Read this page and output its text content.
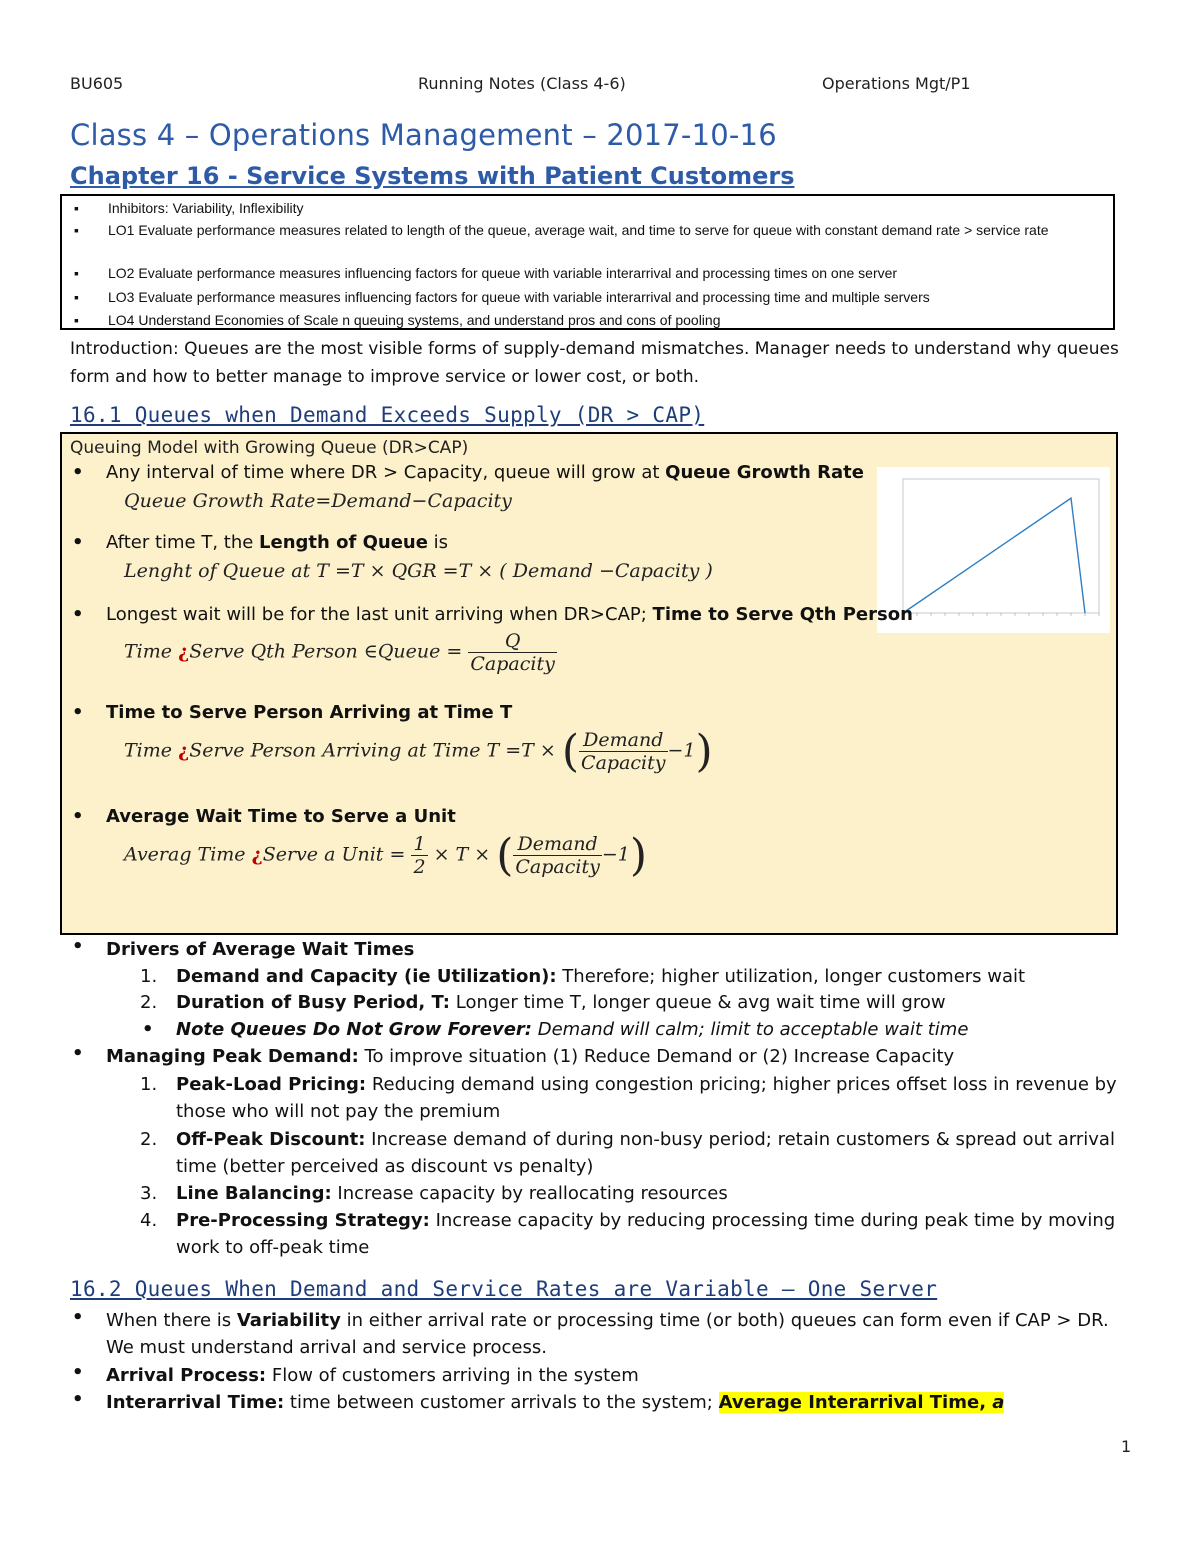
BU605	Running Notes (Class 4-6)	Operations Mgt/P1
Class 4 – Operations Management – 2017-10-16
Chapter 16 - Service Systems with Patient Customers
▪ Inhibitors: Variability, Inflexibility
▪ LO1 Evaluate performance measures related to length of the queue, average wait, and time to serve for queue with constant demand rate > service rate
▪ LO2 Evaluate performance measures influencing factors for queue with variable interarrival and processing times on one server
▪ LO3 Evaluate performance measures influencing factors for queue with variable interarrival and processing time and multiple servers
▪ LO4 Understand Economies of Scale n queuing systems, and understand pros and cons of pooling
Introduction: Queues are the most visible forms of supply-demand mismatches. Manager needs to understand why queues form and how to better manage to improve service or lower cost, or both.
16.1 Queues when Demand Exceeds Supply (DR > CAP)
Queuing Model with Growing Queue (DR>CAP)
• Any interval of time where DR > Capacity, queue will grow at Queue Growth Rate
Queue Growth Rate=Demand−Capacity
• After time T, the Length of Queue is
Lenght of Queue at T =T × QGR =T × ( Demand −Capacity )
• Longest wait will be for the last unit arriving when DR>CAP; Time to Serve Qth Person
Time ¿Serve Qth Person ∈Queue = $\frac{Q}{\text{Capacity}}$
• Time to Serve Person Arriving at Time T
Time ¿Serve Person Arriving at Time T =T × ( $\frac{\text{Demand}}{\text{Capacity}} -1$)
• Average Wait Time to Serve a Unit
Averag Time ¿Serve a Unit = $\frac{1}{2} \times T$ × ( $\frac{\text{Demand}}{\text{Capacity}} -1$)
• Drivers of Average Wait Times
1. Demand and Capacity (ie Utilization): Therefore; higher utilization, longer customers wait
2. Duration of Busy Period, T: Longer time T, longer queue & avg wait time will grow
• Note Queues Do Not Grow Forever: Demand will calm; limit to acceptable wait time
• Managing Peak Demand: To improve situation (1) Reduce Demand or (2) Increase Capacity
1. Peak-Load Pricing: Reducing demand using congestion pricing; higher prices offset loss in revenue by those who will not pay the premium
2. Off-Peak Discount: Increase demand of during non-busy period; retain customers & spread out arrival time (better perceived as discount vs penalty)
3. Line Balancing: Increase capacity by reallocating resources
4. Pre-Processing Strategy: Increase capacity by reducing processing time during peak time by moving work to off-peak time
16.2 Queues When Demand and Service Rates are Variable – One Server
• When there is Variability in either arrival rate or processing time (or both) queues can form even if CAP > DR. We must understand arrival and service process.
• Arrival Process: Flow of customers arriving in the system
• Interarrival Time: time between customer arrivals to the system; Average Interarrival Time, a
1
